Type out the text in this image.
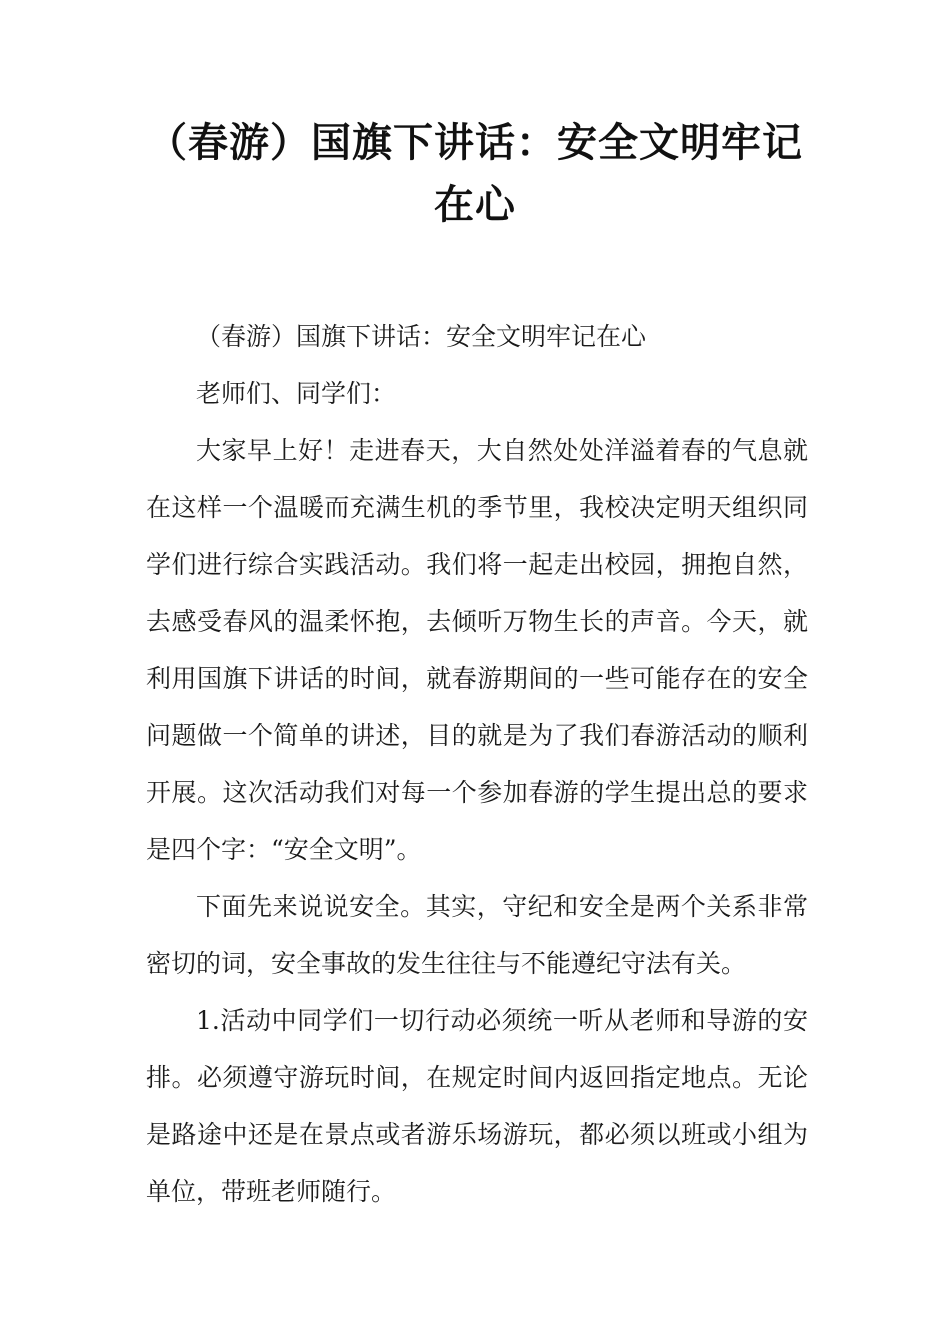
（春游）国旗下讲话：安全文明牢记在心

（春游）国旗下讲话：安全文明牢记在心

老师们、同学们：

大家早上好！走进春天，大自然处处洋溢着春的气息就在这样一个温暖而充满生机的季节里，我校决定明天组织同学们进行综合实践活动。我们将一起走出校园，拥抱自然，去感受春风的温柔怀抱，去倾听万物生长的声音。今天，就利用国旗下讲话的时间，就春游期间的一些可能存在的安全问题做一个简单的讲述，目的就是为了我们春游活动的顺利开展。这次活动我们对每一个参加春游的学生提出总的要求是四个字：“安全文明”。

下面先来说说安全。其实，守纪和安全是两个关系非常密切的词，安全事故的发生往往与不能遵纪守法有关。

1.活动中同学们一切行动必须统一听从老师和导游的安排。必须遵守游玩时间，在规定时间内返回指定地点。无论是路途中还是在景点或者游乐场游玩，都必须以班或小组为单位，带班老师随行。
